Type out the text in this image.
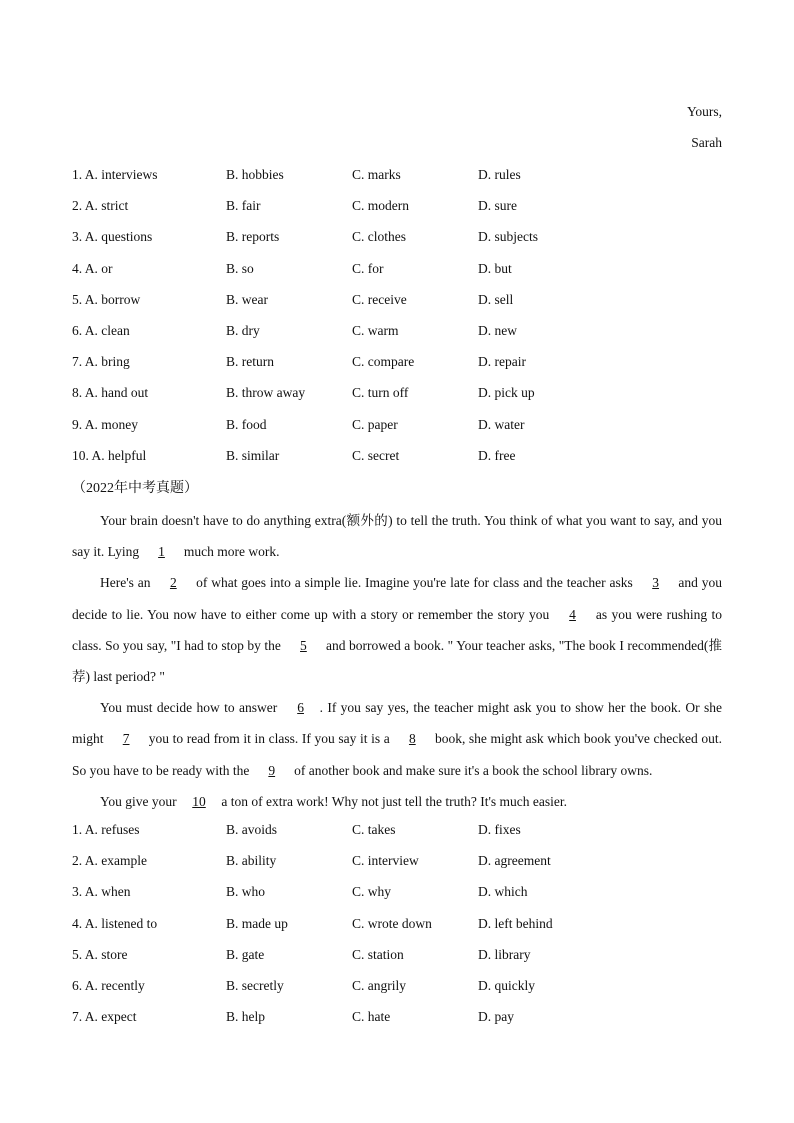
Yours,
Sarah
1. A. interviews	B. hobbies	C. marks	D. rules
2. A. strict	B. fair	C. modern	D. sure
3. A. questions	B. reports	C. clothes	D. subjects
4. A. or	B. so	C. for	D. but
5. A. borrow	B. wear	C. receive	D. sell
6. A. clean	B. dry	C. warm	D. new
7. A. bring	B. return	C. compare	D. repair
8. A. hand out	B. throw away	C. turn off	D. pick up
9. A. money	B. food	C. paper	D. water
10. A. helpful	B. similar	C. secret	D. free
（2022年中考真题）

Your brain doesn't have to do anything extra(额外的) to tell the truth. You think of what you want to say, and you say it. Lying 1 much more work.

Here's an 2 of what goes into a simple lie. Imagine you're late for class and the teacher asks 3 and you decide to lie. You now have to either come up with a story or remember the story you 4 as you were rushing to class. So you say, "I had to stop by the 5 and borrowed a book. " Your teacher asks, "The book I recommended(推荐) last period? "

You must decide how to answer 6 . If you say yes, the teacher might ask you to show her the book. Or she might 7 you to read from it in class. If you say it is a 8 book, she might ask which book you've checked out. So you have to be ready with the 9 of another book and make sure it's a book the school library owns.

You give your 10 a ton of extra work! Why not just tell the truth? It's much easier.

1. A. refuses	B. avoids	C. takes	D. fixes
2. A. example	B. ability	C. interview	D. agreement
3. A. when	B. who	C. why	D. which
4. A. listened to	B. made up	C. wrote down	D. left behind
5. A. store	B. gate	C. station	D. library
6. A. recently	B. secretly	C. angrily	D. quickly
7. A. expect	B. help	C. hate	D. pay
